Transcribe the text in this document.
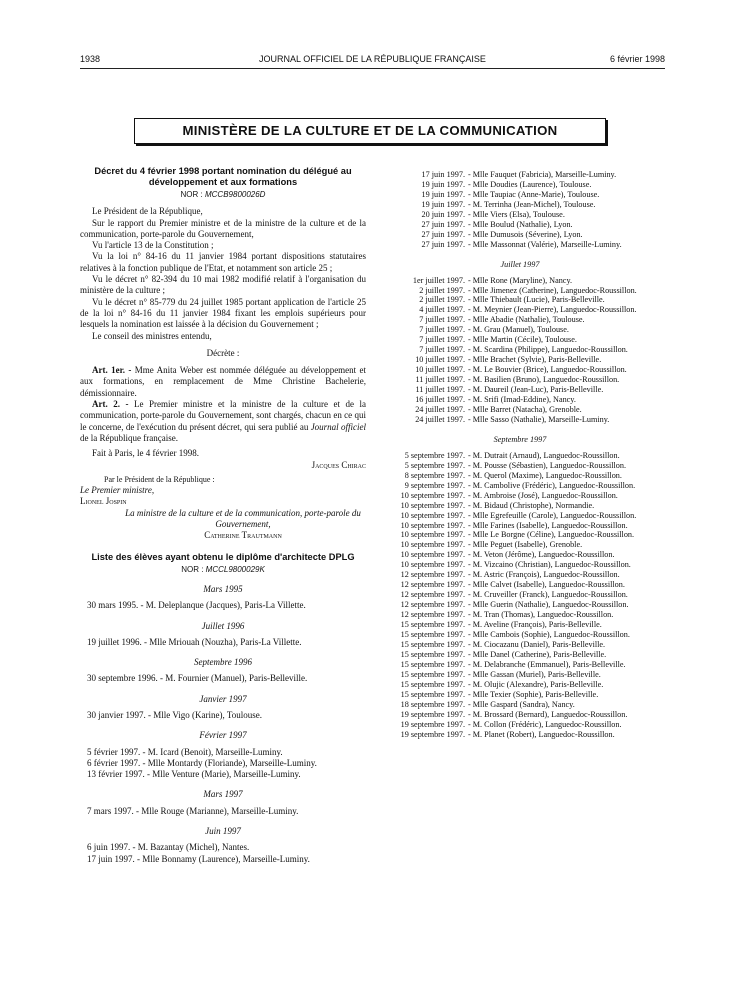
1938	JOURNAL OFFICIEL DE LA RÉPUBLIQUE FRANÇAISE	6 février 1998
MINISTÈRE DE LA CULTURE ET DE LA COMMUNICATION
Décret du 4 février 1998 portant nomination du délégué au développement et aux formations
NOR : MCCB9800026D

Le Président de la République,

Sur le rapport du Premier ministre et de la ministre de la culture et de la communication, porte-parole du Gouvernement,

Vu l'article 13 de la Constitution ;

Vu la loi n° 84-16 du 11 janvier 1984 portant dispositions statutaires relatives à la fonction publique de l'Etat, et notamment son article 25 ;

Vu le décret n° 82-394 du 10 mai 1982 modifié relatif à l'organisation du ministère de la culture ;

Vu le décret n° 85-779 du 24 juillet 1985 portant application de l'article 25 de la loi n° 84-16 du 11 janvier 1984 fixant les emplois supérieurs pour lesquels la nomination est laissée à la décision du Gouvernement ;

Le conseil des ministres entendu,

Décrète :

Art. 1er. - Mme Anita Weber est nommée déléguée au développement et aux formations, en remplacement de Mme Christine Bachelerie, démissionnaire.

Art. 2. - Le Premier ministre et la ministre de la culture et de la communication, porte-parole du Gouvernement, sont chargés, chacun en ce qui le concerne, de l'exécution du présent décret, qui sera publié au Journal officiel de la République française.

Fait à Paris, le 4 février 1998.

Jacques Chirac
Par le Président de la République :
Le Premier ministre,
Lionel Jospin
La ministre de la culture et de la communication, porte-parole du Gouvernement,
Catherine Trautmann
Liste des élèves ayant obtenu le diplôme d'architecte DPLG
NOR : MCCL9800029K
Mars 1995

30 mars 1995. - M. Deleplanque (Jacques), Paris-La Villette.

Juillet 1996

19 juillet 1996. - Mlle Mriouah (Nouzha), Paris-La Villette.

Septembre 1996

30 septembre 1996. - M. Fournier (Manuel), Paris-Belleville.

Janvier 1997

30 janvier 1997. - Mlle Vigo (Karine), Toulouse.

Février 1997

5 février 1997. - M. Icard (Benoit), Marseille-Luminy.

6 février 1997. - Mlle Montardy (Floriande), Marseille-Luminy.

13 février 1997. - Mlle Venture (Marie), Marseille-Luminy.

Mars 1997

7 mars 1997. - Mlle Rouge (Marianne), Marseille-Luminy.

Juin 1997

6 juin 1997. - M. Bazantay (Michel), Nantes.

17 juin 1997. - Mlle Bonnamy (Laurence), Marseille-Luminy.

17 juin 1997. - Mlle Fauquet (Fabricia), Marseille-Luminy.
19 juin 1997. - Mlle Doudies (Laurence), Toulouse.
19 juin 1997. - Mlle Taupiac (Anne-Marie), Toulouse.
19 juin 1997. - M. Terrinha (Jean-Michel), Toulouse.
20 juin 1997. - Mlle Viers (Elsa), Toulouse.
27 juin 1997. - Mlle Boulud (Nathalie), Lyon.
27 juin 1997. - Mlle Dumusois (Séverine), Lyon.
27 juin 1997. - Mlle Massonnat (Valérie), Marseille-Luminy.
Juillet 1997
1er juillet 1997. - Mlle Rone (Maryline), Nancy.
2 juillet 1997. - Mlle Jimenez (Catherine), Languedoc-Roussillon.
2 juillet 1997. - Mlle Thiebault (Lucie), Paris-Belleville.
4 juillet 1997. - M. Meynier (Jean-Pierre), Languedoc-Roussillon.
7 juillet 1997. - Mlle Abadie (Nathalie), Toulouse.
7 juillet 1997. - M. Grau (Manuel), Toulouse.
7 juillet 1997. - Mlle Martin (Cécile), Toulouse.
7 juillet 1997. - M. Scardina (Philippe), Languedoc-Roussillon.
10 juillet 1997. - Mlle Brachet (Sylvie), Paris-Belleville.
10 juillet 1997. - M. Le Bouvier (Brice), Languedoc-Roussillon.
11 juillet 1997. - M. Basilien (Bruno), Languedoc-Roussillon.
11 juillet 1997. - M. Daureil (Jean-Luc), Paris-Belleville.
16 juillet 1997. - M. Srifi (Imad-Eddine), Nancy.
24 juillet 1997. - Mlle Barret (Natacha), Grenoble.
24 juillet 1997. - Mlle Sasso (Nathalie), Marseille-Luminy.
Septembre 1997
5 septembre 1997. - M. Dutrait (Arnaud), Languedoc-Roussillon.
5 septembre 1997. - M. Pousse (Sébastien), Languedoc-Roussillon.
8 septembre 1997. - M. Querol (Maxime), Languedoc-Roussillon.
9 septembre 1997. - M. Cambolive (Frédéric), Languedoc-Roussillon.
10 septembre 1997. - M. Ambroise (José), Languedoc-Roussillon.
10 septembre 1997. - M. Bidaud (Christophe), Normandie.
10 septembre 1997. - Mlle Egrefeuille (Carole), Languedoc-Roussillon.
10 septembre 1997. - Mlle Farines (Isabelle), Languedoc-Roussillon.
10 septembre 1997. - Mlle Le Borgne (Céline), Languedoc-Roussillon.
10 septembre 1997. - Mlle Peguet (Isabelle), Grenoble.
10 septembre 1997. - M. Veton (Jérôme), Languedoc-Roussillon.
10 septembre 1997. - M. Vizcaino (Christian), Languedoc-Roussillon.
12 septembre 1997. - M. Astric (François), Languedoc-Roussillon.
12 septembre 1997. - Mlle Calvet (Isabelle), Languedoc-Roussillon.
12 septembre 1997. - M. Cruveiller (Franck), Languedoc-Roussillon.
12 septembre 1997. - Mlle Guerin (Nathalie), Languedoc-Roussillon.
12 septembre 1997. - M. Tran (Thomas), Languedoc-Roussillon.
15 septembre 1997. - M. Aveline (François), Paris-Belleville.
15 septembre 1997. - Mlle Cambois (Sophie), Languedoc-Roussillon.
15 septembre 1997. - M. Ciocazanu (Daniel), Paris-Belleville.
15 septembre 1997. - Mlle Danel (Catherine), Paris-Belleville.
15 septembre 1997. - M. Delabranche (Emmanuel), Paris-Belleville.
15 septembre 1997. - Mlle Gassan (Muriel), Paris-Belleville.
15 septembre 1997. - M. Olujic (Alexandre), Paris-Belleville.
15 septembre 1997. - Mlle Texier (Sophie), Paris-Belleville.
18 septembre 1997. - Mlle Gaspard (Sandra), Nancy.
19 septembre 1997. - M. Brossard (Bernard), Languedoc-Roussillon.
19 septembre 1997. - M. Collon (Frédéric), Languedoc-Roussillon.
19 septembre 1997. - M. Planet (Robert), Languedoc-Roussillon.
